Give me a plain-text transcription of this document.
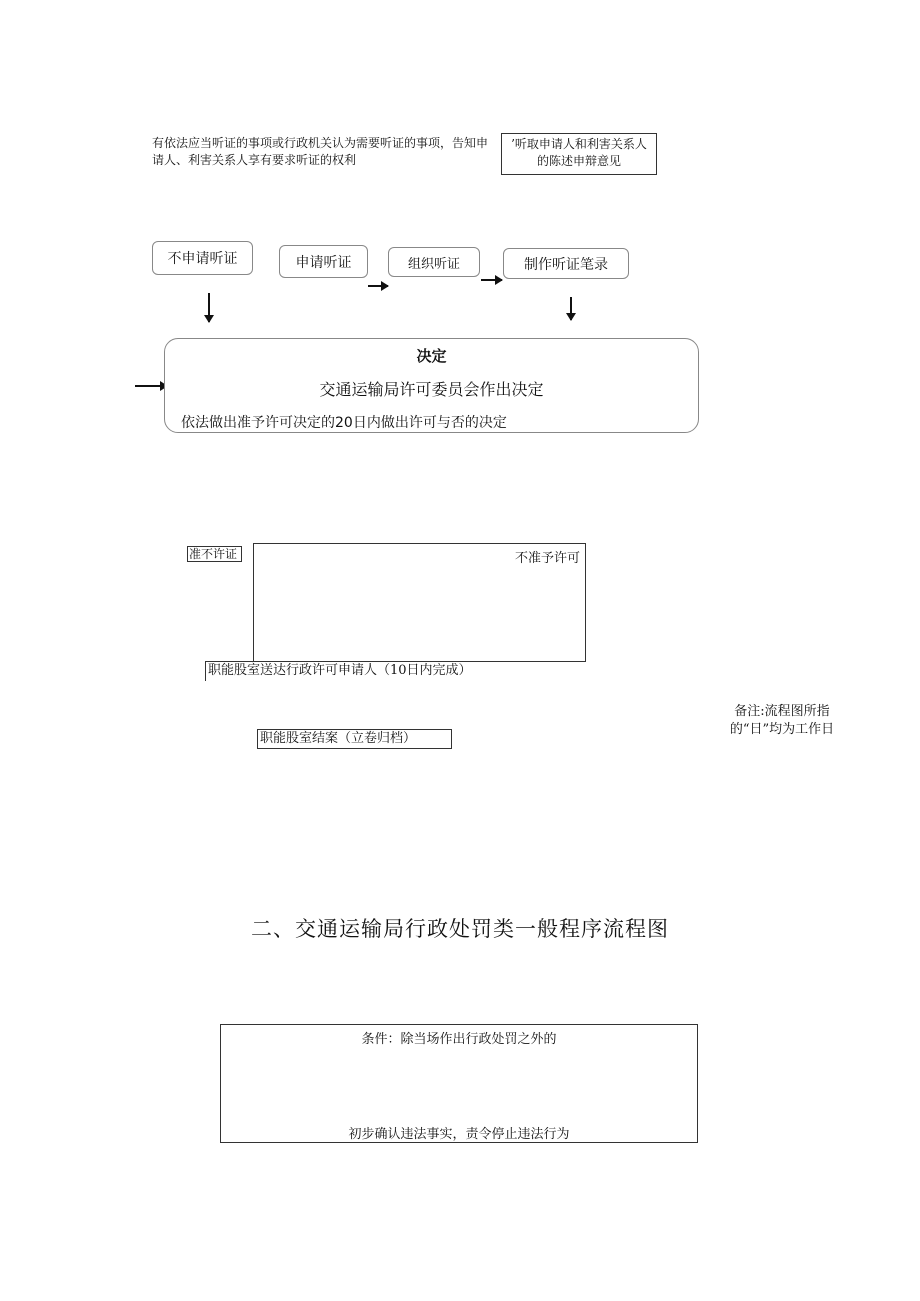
有依法应当听证的事项或行政机关认为需要听证的事项，告知申请人、利害关系人享有要求听证的权利
’听取申请人和利害关系人的陈述申辩意见
不申请听证	申请听证	组织听证	制作听证笔录
决定
交通运输局许可委员会作出决定
依法做出准予许可决定的20日内做出许可与否的决定
准不许证	不准予许可
职能股室送达行政许可申请人（10日内完成）
职能股室结案（立卷归档）
备注:流程图所指的“日”均为工作日
二、交通运输局行政处罚类一般程序流程图
条件：除当场作出行政处罚之外的
初步确认违法事实，责令停止违法行为
